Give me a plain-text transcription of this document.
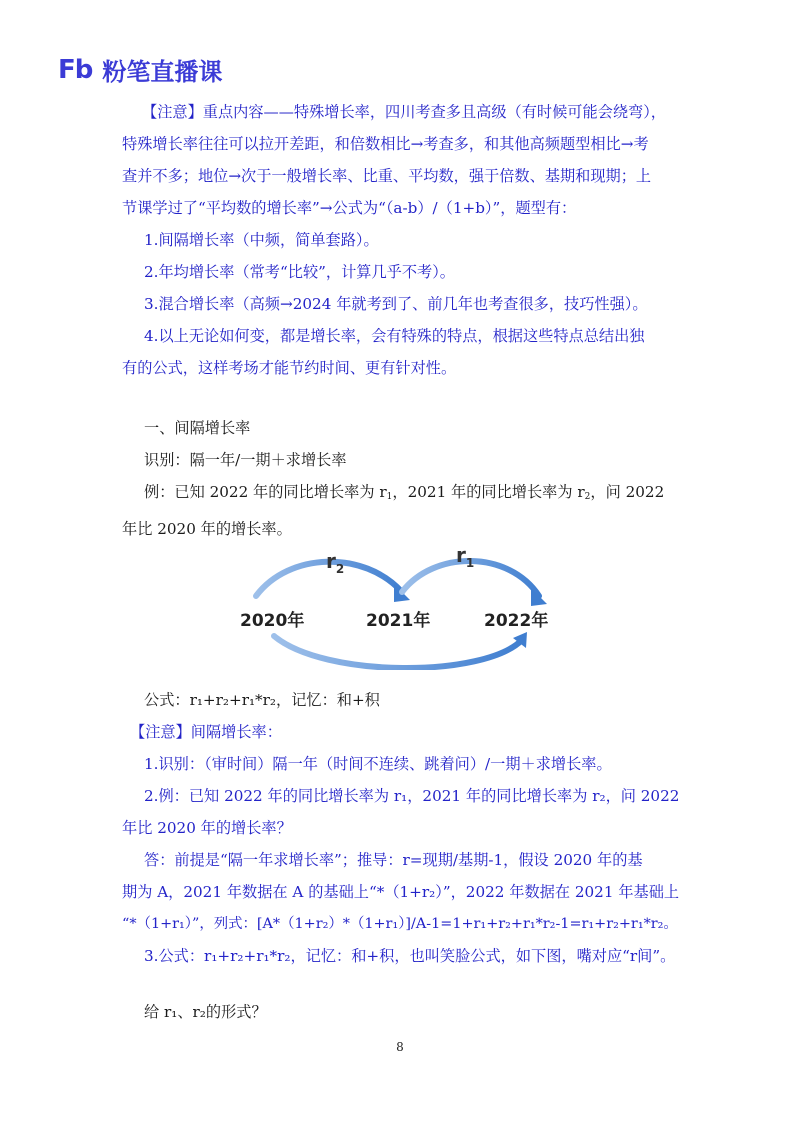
Fb 粉笔直播课

【注意】重点内容——特殊增长率，四川考查多且高级（有时候可能会绕弯），

特殊增长率往往可以拉开差距，和倍数相比→考查多，和其他高频题型相比→考

查并不多；地位→次于一般增长率、比重、平均数，强于倍数、基期和现期；上

节课学过了“平均数的增长率”→公式为“（a-b）/（1+b）”，题型有：

1.间隔增长率（中频，简单套路）。

2.年均增长率（常考“比较”，计算几乎不考）。

3.混合增长率（高频→2024 年就考到了、前几年也考查很多，技巧性强）。

4.以上无论如何变，都是增长率，会有特殊的特点，根据这些特点总结出独

有的公式，这样考场才能节约时间、更有针对性。

一、间隔增长率

识别：隔一年/一期＋求增长率

例：已知 2022 年的同比增长率为 $r_1$，2021 年的同比增长率为 $r_2$，问 2022

年比 2020 年的增长率。

$r_2$
$r_1$
2020年	2021年	2022年

公式：r₁+r₂+r₁*r₂，记忆：和+积

【注意】间隔增长率：

1.识别：（审时间）隔一年（时间不连续、跳着问）/一期＋求增长率。

2.例：已知 2022 年的同比增长率为 r₁，2021 年的同比增长率为 r₂，问 2022

年比 2020 年的增长率？

答：前提是“隔一年求增长率”；推导：r=现期/基期-1，假设 2020 年的基

期为 A，2021 年数据在 A 的基础上“*（1+r₂）”，2022 年数据在 2021 年基础上

“*（1+r₁）”，列式：[A*（1+r₂）*（1+r₁）]/A-1=1+r₁+r₂+r₁*r₂-1=r₁+r₂+r₁*r₂。

3.公式：r₁+r₂+r₁*r₂，记忆：和+积，也叫笑脸公式，如下图，嘴对应“r间”。

给 r₁、r₂的形式？

8
